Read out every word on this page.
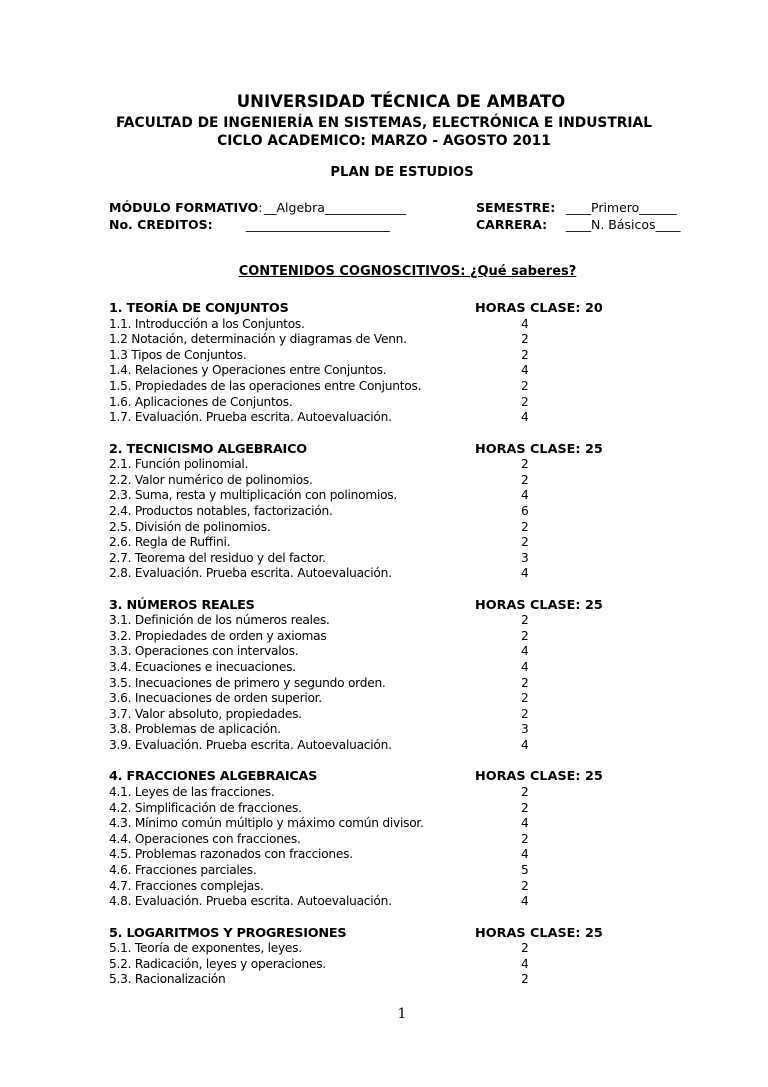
UNIVERSIDAD TÉCNICA DE AMBATO
FACULTAD DE INGENIERÍA EN SISTEMAS, ELECTRÓNICA E INDUSTRIAL
CICLO ACADEMICO: MARZO - AGOSTO 2011
PLAN DE ESTUDIOS
MÓDULO FORMATIVO: __Algebra_____________	SEMESTRE: ____Primero______
No. CREDITOS:	_______________________	CARRERA: ____N. Básicos____
CONTENIDOS COGNOSCITIVOS: ¿Qué saberes?
1. TEORÍA DE CONJUNTOS	HORAS CLASE: 20
1.1. Introducción a los Conjuntos.	4
1.2 Notación, determinación y diagramas de Venn.	2
1.3 Tipos de Conjuntos.	2
1.4. Relaciones y Operaciones entre Conjuntos.	4
1.5. Propiedades de las operaciones entre Conjuntos.	2
1.6. Aplicaciones de Conjuntos.	2
1.7. Evaluación. Prueba escrita. Autoevaluación.	4
2. TECNICISMO ALGEBRAICO	HORAS CLASE: 25
2.1. Función polinomial.	2
2.2. Valor numérico de polinomios.	2
2.3. Suma, resta y multiplicación con polinomios.	4
2.4. Productos notables, factorización.	6
2.5. División de polinomios.	2
2.6. Regla de Ruffini.	2
2.7. Teorema del residuo y del factor.	3
2.8. Evaluación. Prueba escrita. Autoevaluación.	4
3. NÚMEROS REALES	HORAS CLASE: 25
3.1. Definición de los números reales.	2
3.2. Propiedades de orden y axiomas	2
3.3. Operaciones con intervalos.	4
3.4. Ecuaciones e inecuaciones.	4
3.5. Inecuaciones de primero y segundo orden.	2
3.6. Inecuaciones de orden superior.	2
3.7. Valor absoluto, propiedades.	2
3.8. Problemas de aplicación.	3
3.9. Evaluación. Prueba escrita. Autoevaluación.	4
4. FRACCIONES ALGEBRAICAS	HORAS CLASE: 25
4.1. Leyes de las fracciones.	2
4.2. Simplificación de fracciones.	2
4.3. Mínimo común múltiplo y máximo común divisor.	4
4.4. Operaciones con fracciones.	2
4.5. Problemas razonados con fracciones.	4
4.6. Fracciones parciales.	5
4.7. Fracciones complejas.	2
4.8. Evaluación. Prueba escrita. Autoevaluación.	4
5. LOGARITMOS Y PROGRESIONES	HORAS CLASE: 25
5.1. Teoría de exponentes, leyes.	2
5.2. Radicación, leyes y operaciones.	4
5.3. Racionalización	2
1
